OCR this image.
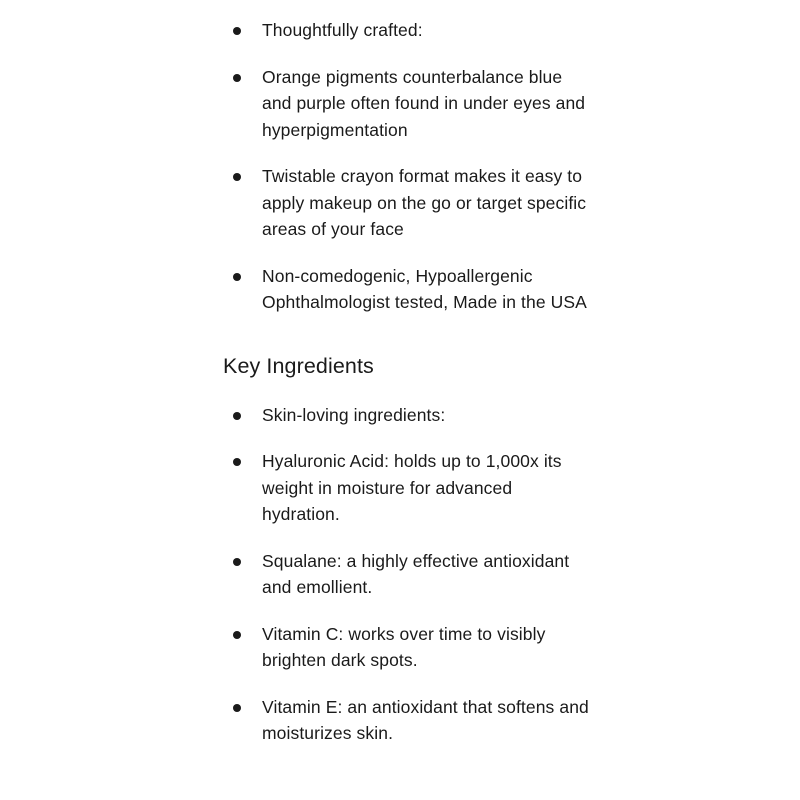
Thoughtfully crafted:
Orange pigments counterbalance blue and purple often found in under eyes and hyperpigmentation
Twistable crayon format makes it easy to apply makeup on the go or target specific areas of your face
Non-comedogenic, Hypoallergenic Ophthalmologist tested, Made in the USA
Key Ingredients
Skin-loving ingredients:
Hyaluronic Acid: holds up to 1,000x its weight in moisture for advanced hydration.
Squalane: a highly effective antioxidant and emollient.
Vitamin C: works over time to visibly brighten dark spots.
Vitamin E: an antioxidant that softens and moisturizes skin.
